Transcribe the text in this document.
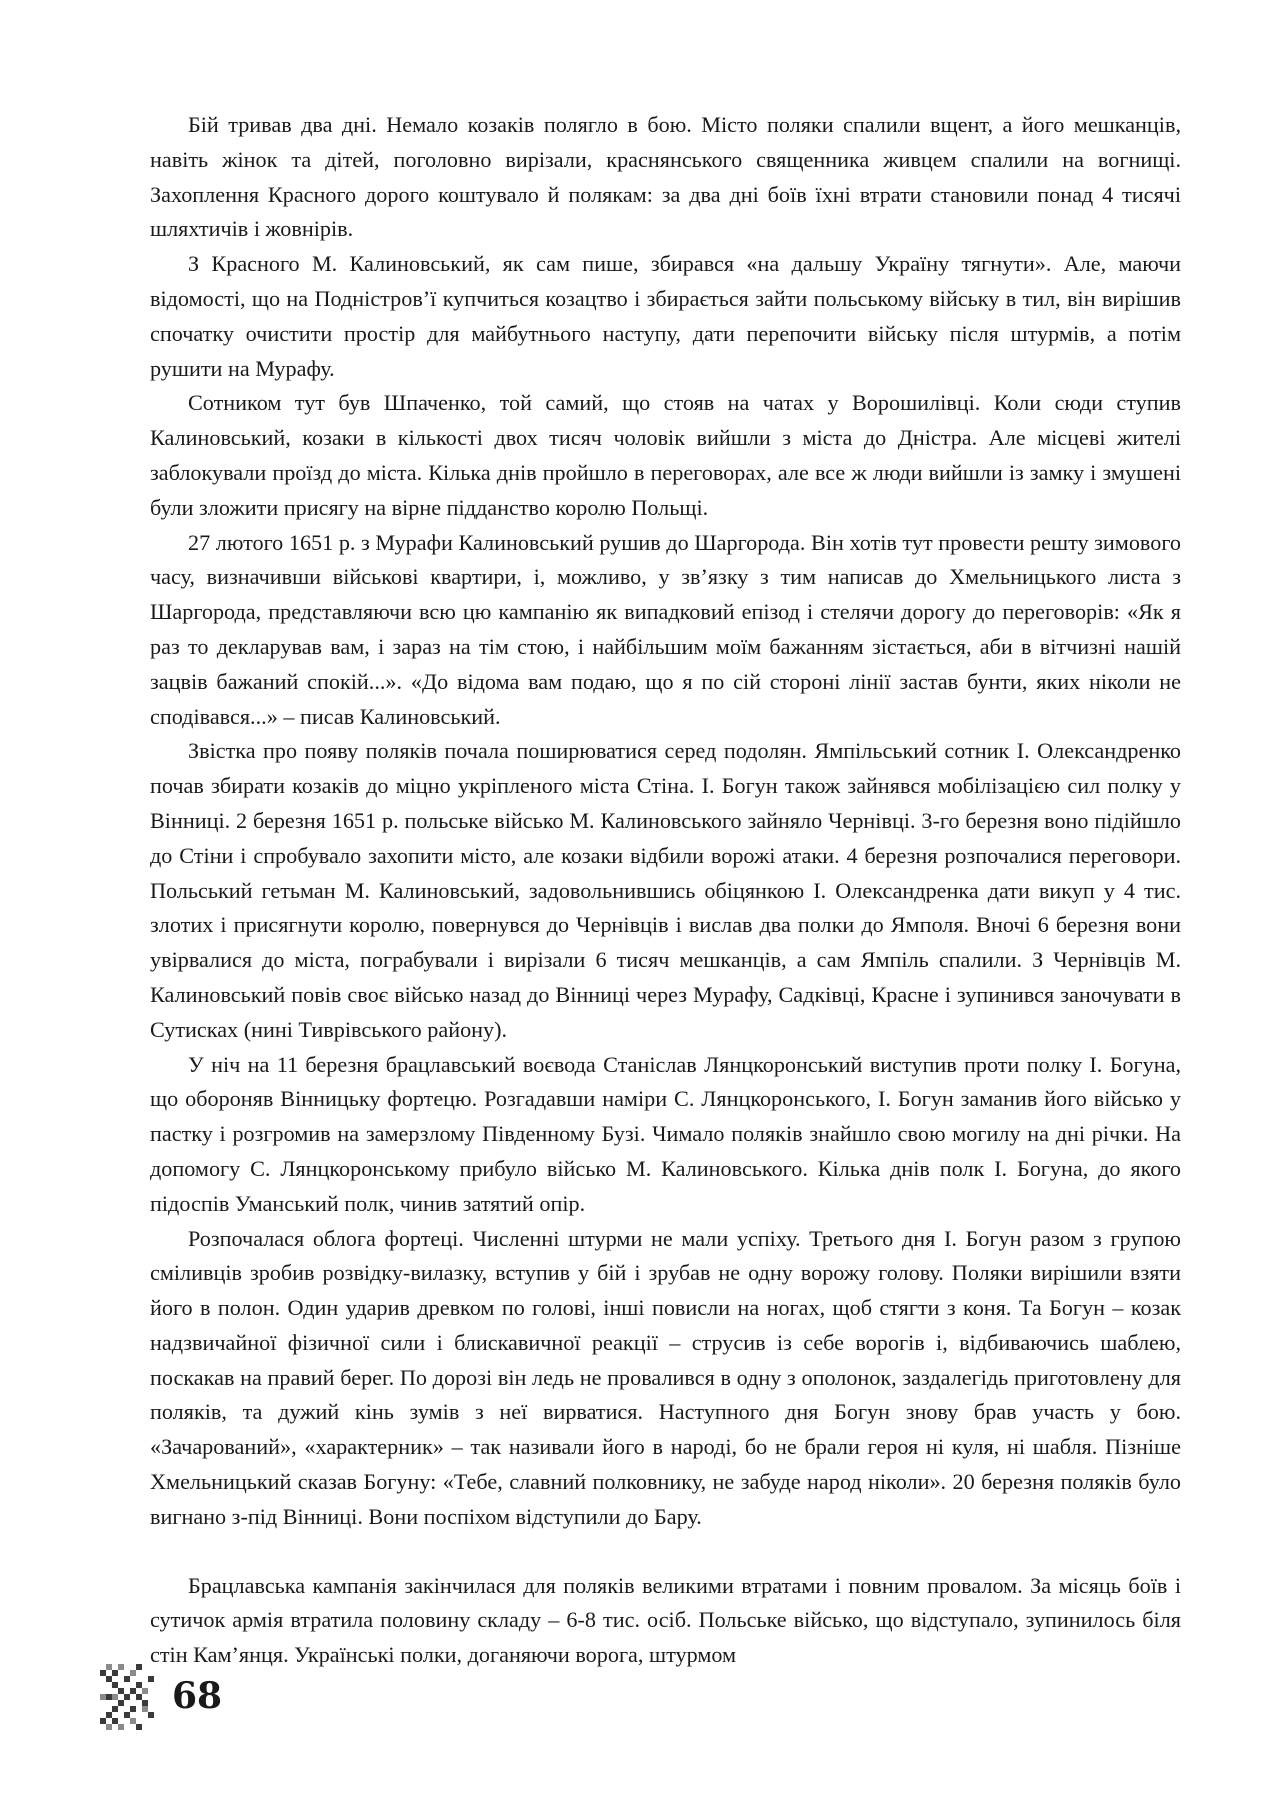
Бій тривав два дні. Немало козаків полягло в бою. Місто поляки спалили вщент, а його мешканців, навіть жінок та дітей, поголовно вирізали, краснянського священника живцем спалили на вогнищі. Захоплення Красного дорого коштувало й полякам: за два дні боїв їхні втрати становили понад 4 тисячі шляхтичів і жовнірів.

З Красного М. Калиновський, як сам пише, збирався «на дальшу Україну тягнути». Але, маючи відомості, що на Подністров’ї купчиться козацтво і збирається зайти польському війську в тил, він вирішив спочатку очистити простір для майбутнього наступу, дати перепочити війську після штурмів, а потім рушити на Мурафу.

Сотником тут був Шпаченко, той самий, що стояв на чатах у Ворошилівці. Коли сюди ступив Калиновський, козаки в кількості двох тисяч чоловік вийшли з міста до Дністра. Але місцеві жителі заблокували проїзд до міста. Кілька днів пройшло в переговорах, але все ж люди вийшли із замку і змушені були зложити присягу на вірне підданство королю Польщі.

27 лютого 1651 р. з Мурафи Калиновський рушив до Шаргорода. Він хотів тут провести решту зимового часу, визначивши військові квартири, і, можливо, у зв’язку з тим написав до Хмельницького листа з Шаргорода, представляючи всю цю кампанію як випадковий епізод і стелячи дорогу до переговорів: «Як я раз то декларував вам, і зараз на тім стою, і найбільшим моїм бажанням зістається, аби в вітчизні нашій зацвів бажаний спокій...». «До відома вам подаю, що я по сій стороні лінії застав бунти, яких ніколи не сподівався...» – писав Калиновський.

Звістка про появу поляків почала поширюватися серед подолян. Ямпільський сотник І. Олександренко почав збирати козаків до міцно укріпленого міста Стіна. І. Богун також зайнявся мобілізацією сил полку у Вінниці. 2 березня 1651 р. польське військо М. Калиновського зайняло Чернівці. 3-го березня воно підійшло до Стіни і спробувало захопити місто, але козаки відбили ворожі атаки. 4 березня розпочалися переговори. Польський гетьман М. Калиновський, задовольнившись обіцянкою І. Олександренка дати викуп у 4 тис. злотих і присягнути королю, повернувся до Чернівців і вислав два полки до Ямполя. Вночі 6 березня вони увірвалися до міста, пограбували і вирізали 6 тисяч мешканців, а сам Ямпіль спалили. З Чернівців М. Калиновський повів своє військо назад до Вінниці через Мурафу, Садківці, Красне і зупинився заночувати в Сутисках (нині Тиврівського району).

У ніч на 11 березня брацлавський воєвода Станіслав Лянцкоронський виступив проти полку І. Богуна, що обороняв Вінницьку фортецю. Розгадавши наміри С. Лянцкоронського, І. Богун заманив його військо у пастку і розгромив на замерзлому Південному Бузі. Чимало поляків знайшло свою могилу на дні річки. На допомогу С. Лянцкоронському прибуло військо М. Калиновського. Кілька днів полк І. Богуна, до якого підоспів Уманський полк, чинив затятий опір.

Розпочалася облога фортеці. Численні штурми не мали успіху. Третього дня І. Богун разом з групою сміливців зробив розвідку-вилазку, вступив у бій і зрубав не одну ворожу голову. Поляки вирішили взяти його в полон. Один ударив древком по голові, інші повисли на ногах, щоб стягти з коня. Та Богун – козак надзвичайної фізичної сили і блискавичної реакції – струсив із себе ворогів і, відбиваючись шаблею, поскакав на правий берег. По дорозі він ледь не провалився в одну з ополонок, заздалегідь приготовлену для поляків, та дужий кінь зумів з неї вирватися. Наступного дня Богун знову брав участь у бою. «Зачарований», «характерник» – так називали його в народі, бо не брали героя ні куля, ні шабля. Пізніше Хмельницький сказав Богуну: «Тебе, славний полковнику, не забуде народ ніколи». 20 березня поляків було вигнано з-під Вінниці. Вони поспіхом відступили до Бару.

Брацлавська кампанія закінчилася для поляків великими втратами і повним провалом. За місяць боїв і сутичок армія втратила половину складу – 6-8 тис. осіб. Польське військо, що відступало, зупинилось біля стін Кам’янця. Українські полки, доганяючи ворога, штурмом

68
